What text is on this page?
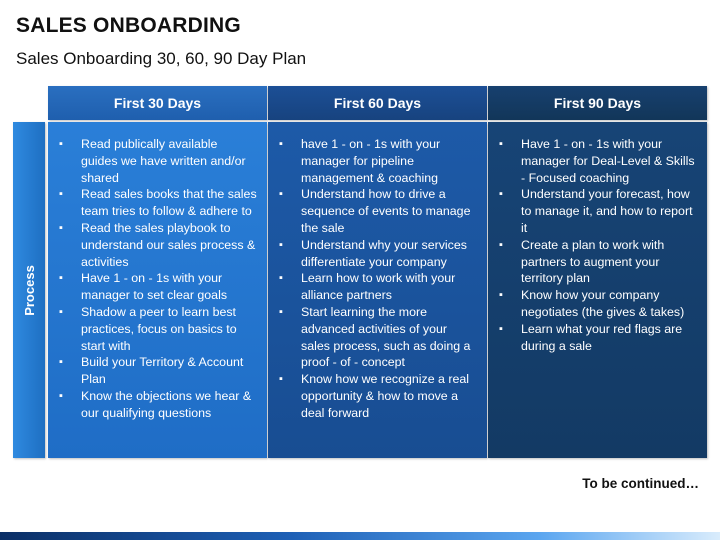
SALES ONBOARDING
Sales Onboarding 30, 60, 90 Day Plan
First 30 Days	First 60 Days	First 90 Days
Process
▪ Read publically available guides we have written and/or shared
▪ Read sales books that the sales team tries to follow & adhere to
▪ Read the sales playbook to understand our sales process & activities
▪ Have 1 - on - 1s with your manager to set clear goals
▪ Shadow a peer to learn best practices, focus on basics to start with
▪ Build your Territory & Account Plan
▪ Know the objections we hear & our qualifying questions
▪ have 1 - on - 1s with your manager for pipeline management & coaching
▪ Understand how to drive a sequence of events to manage the sale
▪ Understand why your services differentiate your company
▪ Learn how to work with your alliance partners
▪ Start learning the more advanced activities of your sales process, such as doing a proof - of - concept
▪ Know how we recognize a real opportunity & how to move a deal forward
▪ Have 1 - on - 1s with your manager for Deal-Level & Skills - Focused coaching
▪ Understand your forecast, how to manage it, and how to report it
▪ Create a plan to work with partners to augment your territory plan
▪ Know how your company negotiates (the gives & takes)
▪ Learn what your red flags are during a sale
To be continued…
